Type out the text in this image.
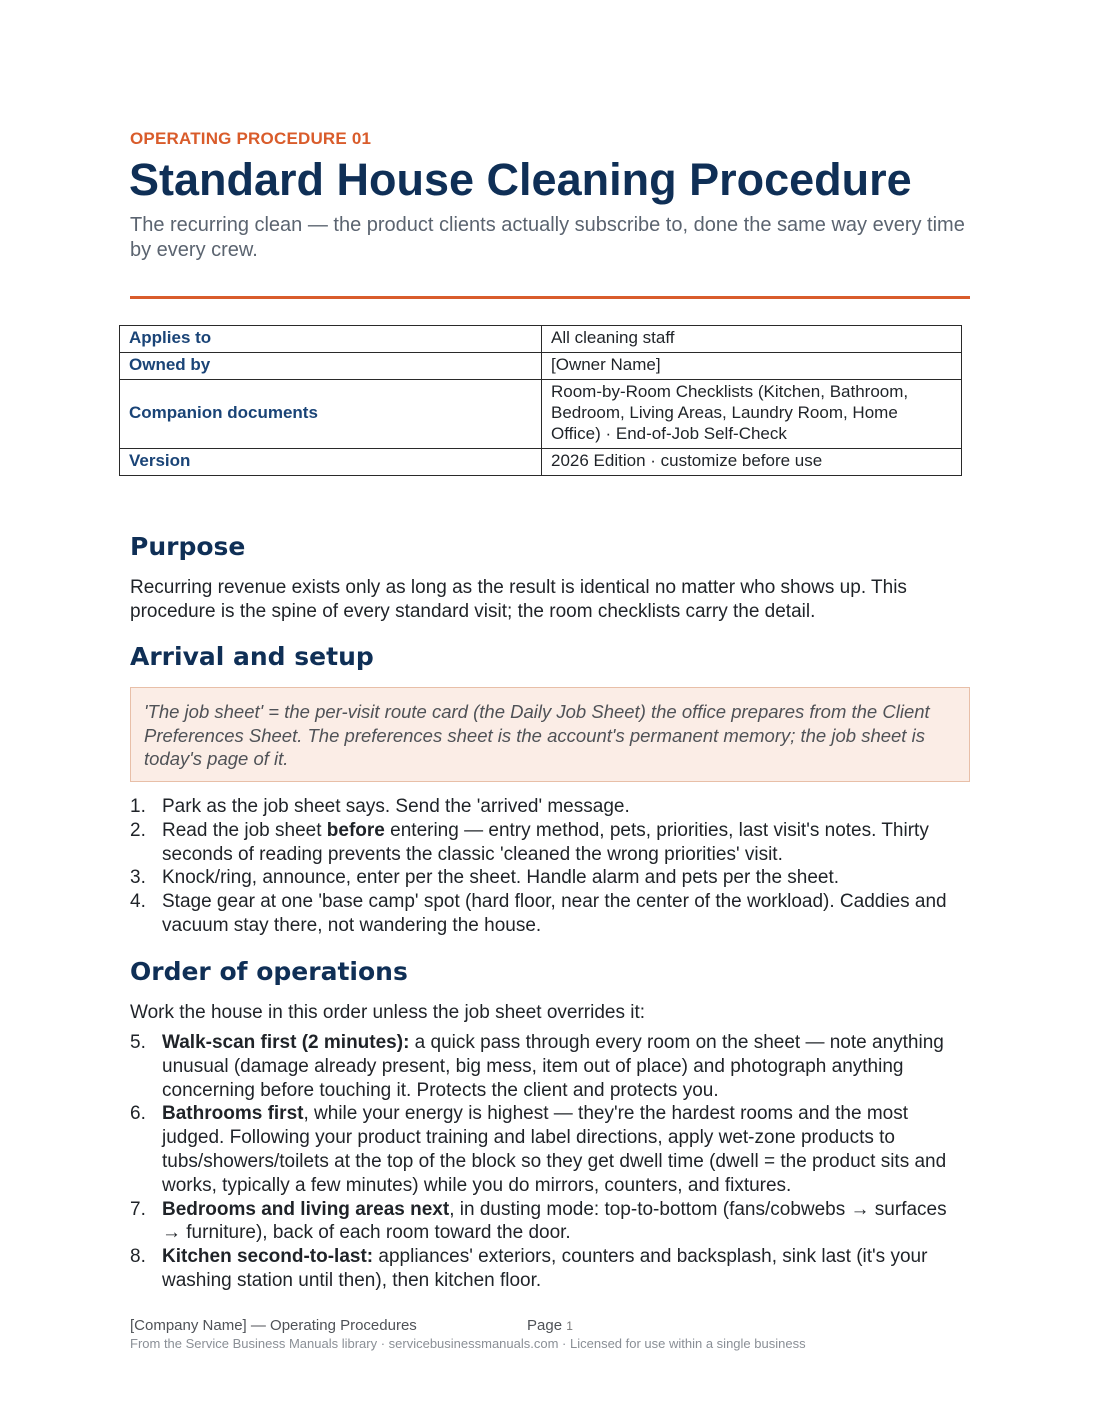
OPERATING PROCEDURE 01
Standard House Cleaning Procedure

The recurring clean — the product clients actually subscribe to, done the same way every time by every crew.

Applies to	All cleaning staff
Owned by	[Owner Name]
Companion documents	Room-by-Room Checklists (Kitchen, Bathroom, Bedroom, Living Areas, Laundry Room, Home Office) · End-of-Job Self-Check
Version	2026 Edition · customize before use
Purpose

Recurring revenue exists only as long as the result is identical no matter who shows up. This procedure is the spine of every standard visit; the room checklists carry the detail.

Arrival and setup
'The job sheet' = the per-visit route card (the Daily Job Sheet) the office prepares from the Client Preferences Sheet. The preferences sheet is the account's permanent memory; the job sheet is today's page of it.
1. Park as the job sheet says. Send the 'arrived' message.
2. Read the job sheet before entering — entry method, pets, priorities, last visit's notes. Thirty seconds of reading prevents the classic 'cleaned the wrong priorities' visit.
3. Knock/ring, announce, enter per the sheet. Handle alarm and pets per the sheet.
4. Stage gear at one 'base camp' spot (hard floor, near the center of the workload). Caddies and vacuum stay there, not wandering the house.
Order of operations

Work the house in this order unless the job sheet overrides it:

5. Walk-scan first (2 minutes): a quick pass through every room on the sheet — note anything unusual (damage already present, big mess, item out of place) and photograph anything concerning before touching it. Protects the client and protects you.
6. Bathrooms first, while your energy is highest — they're the hardest rooms and the most judged. Following your product training and label directions, apply wet-zone products to tubs/showers/toilets at the top of the block so they get dwell time (dwell = the product sits and works, typically a few minutes) while you do mirrors, counters, and fixtures.
7. Bedrooms and living areas next, in dusting mode: top-to-bottom (fans/cobwebs → surfaces → furniture), back of each room toward the door.
8. Kitchen second-to-last: appliances' exteriors, counters and backsplash, sink last (it's your washing station until then), then kitchen floor.
[Company Name] — Operating Procedures	Page 1
From the Service Business Manuals library · servicebusinessmanuals.com · Licensed for use within a single business
